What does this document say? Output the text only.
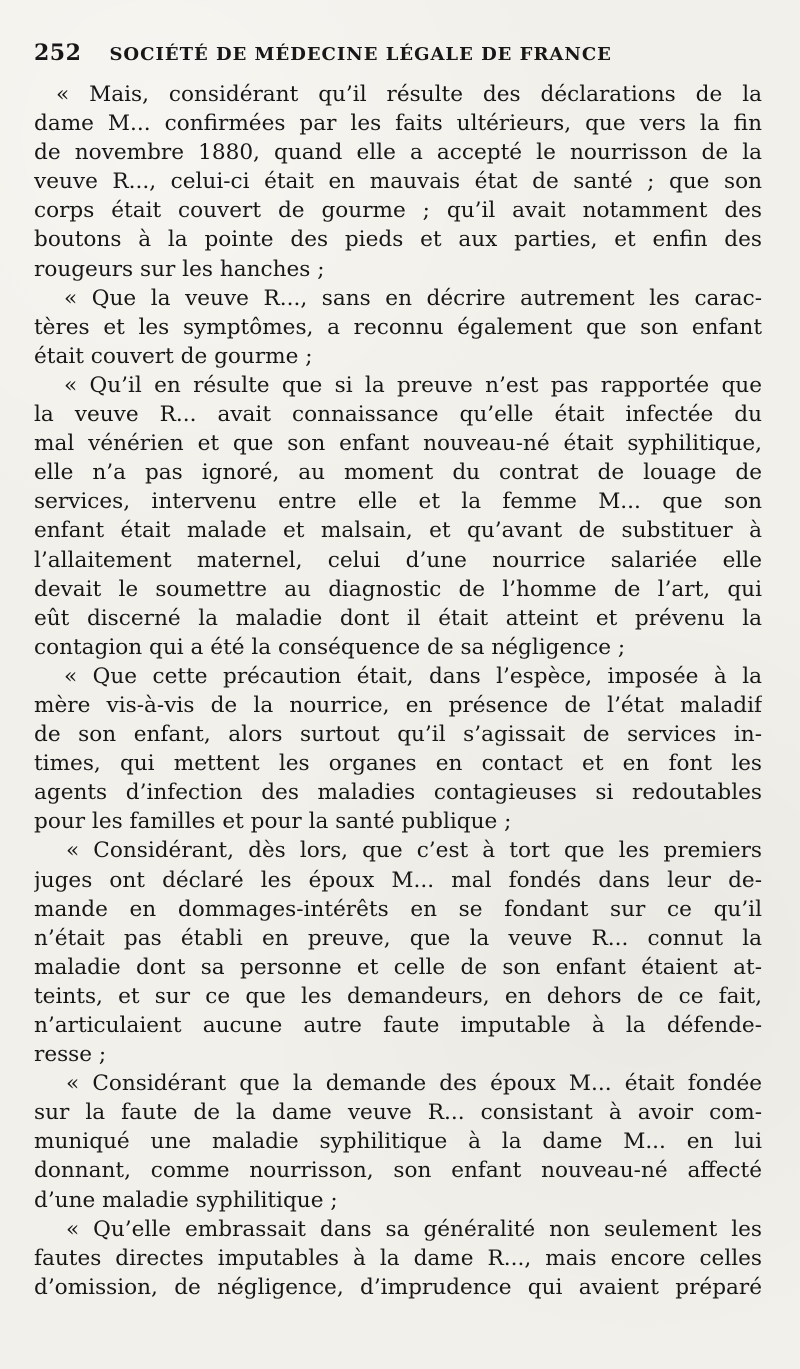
252 SOCIÉTÉ DE MÉDECINE LÉGALE DE FRANCE
« Mais, considérant qu’il résulte des déclarations de la
dame M... confirmées par les faits ultérieurs, que vers la fin
de novembre 1880, quand elle a accepté le nourrisson de la
veuve R..., celui-ci était en mauvais état de santé ; que son
corps était couvert de gourme ; qu’il avait notamment des
boutons à la pointe des pieds et aux parties, et enfin des
rougeurs sur les hanches ;
« Que la veuve R..., sans en décrire autrement les carac-
tères et les symptômes, a reconnu également que son enfant
était couvert de gourme ;
« Qu’il en résulte que si la preuve n’est pas rapportée que
la veuve R... avait connaissance qu’elle était infectée du
mal vénérien et que son enfant nouveau-né était syphilitique,
elle n’a pas ignoré, au moment du contrat de louage de
services, intervenu entre elle et la femme M... que son
enfant était malade et malsain, et qu’avant de substituer à
l’allaitement maternel, celui d’une nourrice salariée elle
devait le soumettre au diagnostic de l’homme de l’art, qui
eût discerné la maladie dont il était atteint et prévenu la
contagion qui a été la conséquence de sa négligence ;
« Que cette précaution était, dans l’espèce, imposée à la
mère vis-à-vis de la nourrice, en présence de l’état maladif
de son enfant, alors surtout qu’il s’agissait de services in-
times, qui mettent les organes en contact et en font les
agents d’infection des maladies contagieuses si redoutables
pour les familles et pour la santé publique ;
« Considérant, dès lors, que c’est à tort que les premiers
juges ont déclaré les époux M... mal fondés dans leur de-
mande en dommages-intérêts en se fondant sur ce qu’il
n’était pas établi en preuve, que la veuve R... connut la
maladie dont sa personne et celle de son enfant étaient at-
teints, et sur ce que les demandeurs, en dehors de ce fait,
n’articulaient aucune autre faute imputable à la défende-
resse ;
« Considérant que la demande des époux M... était fondée
sur la faute de la dame veuve R... consistant à avoir com-
muniqué une maladie syphilitique à la dame M... en lui
donnant, comme nourrisson, son enfant nouveau-né affecté
d’une maladie syphilitique ;
« Qu’elle embrassait dans sa généralité non seulement les
fautes directes imputables à la dame R..., mais encore celles
d’omission, de négligence, d’imprudence qui avaient préparé
